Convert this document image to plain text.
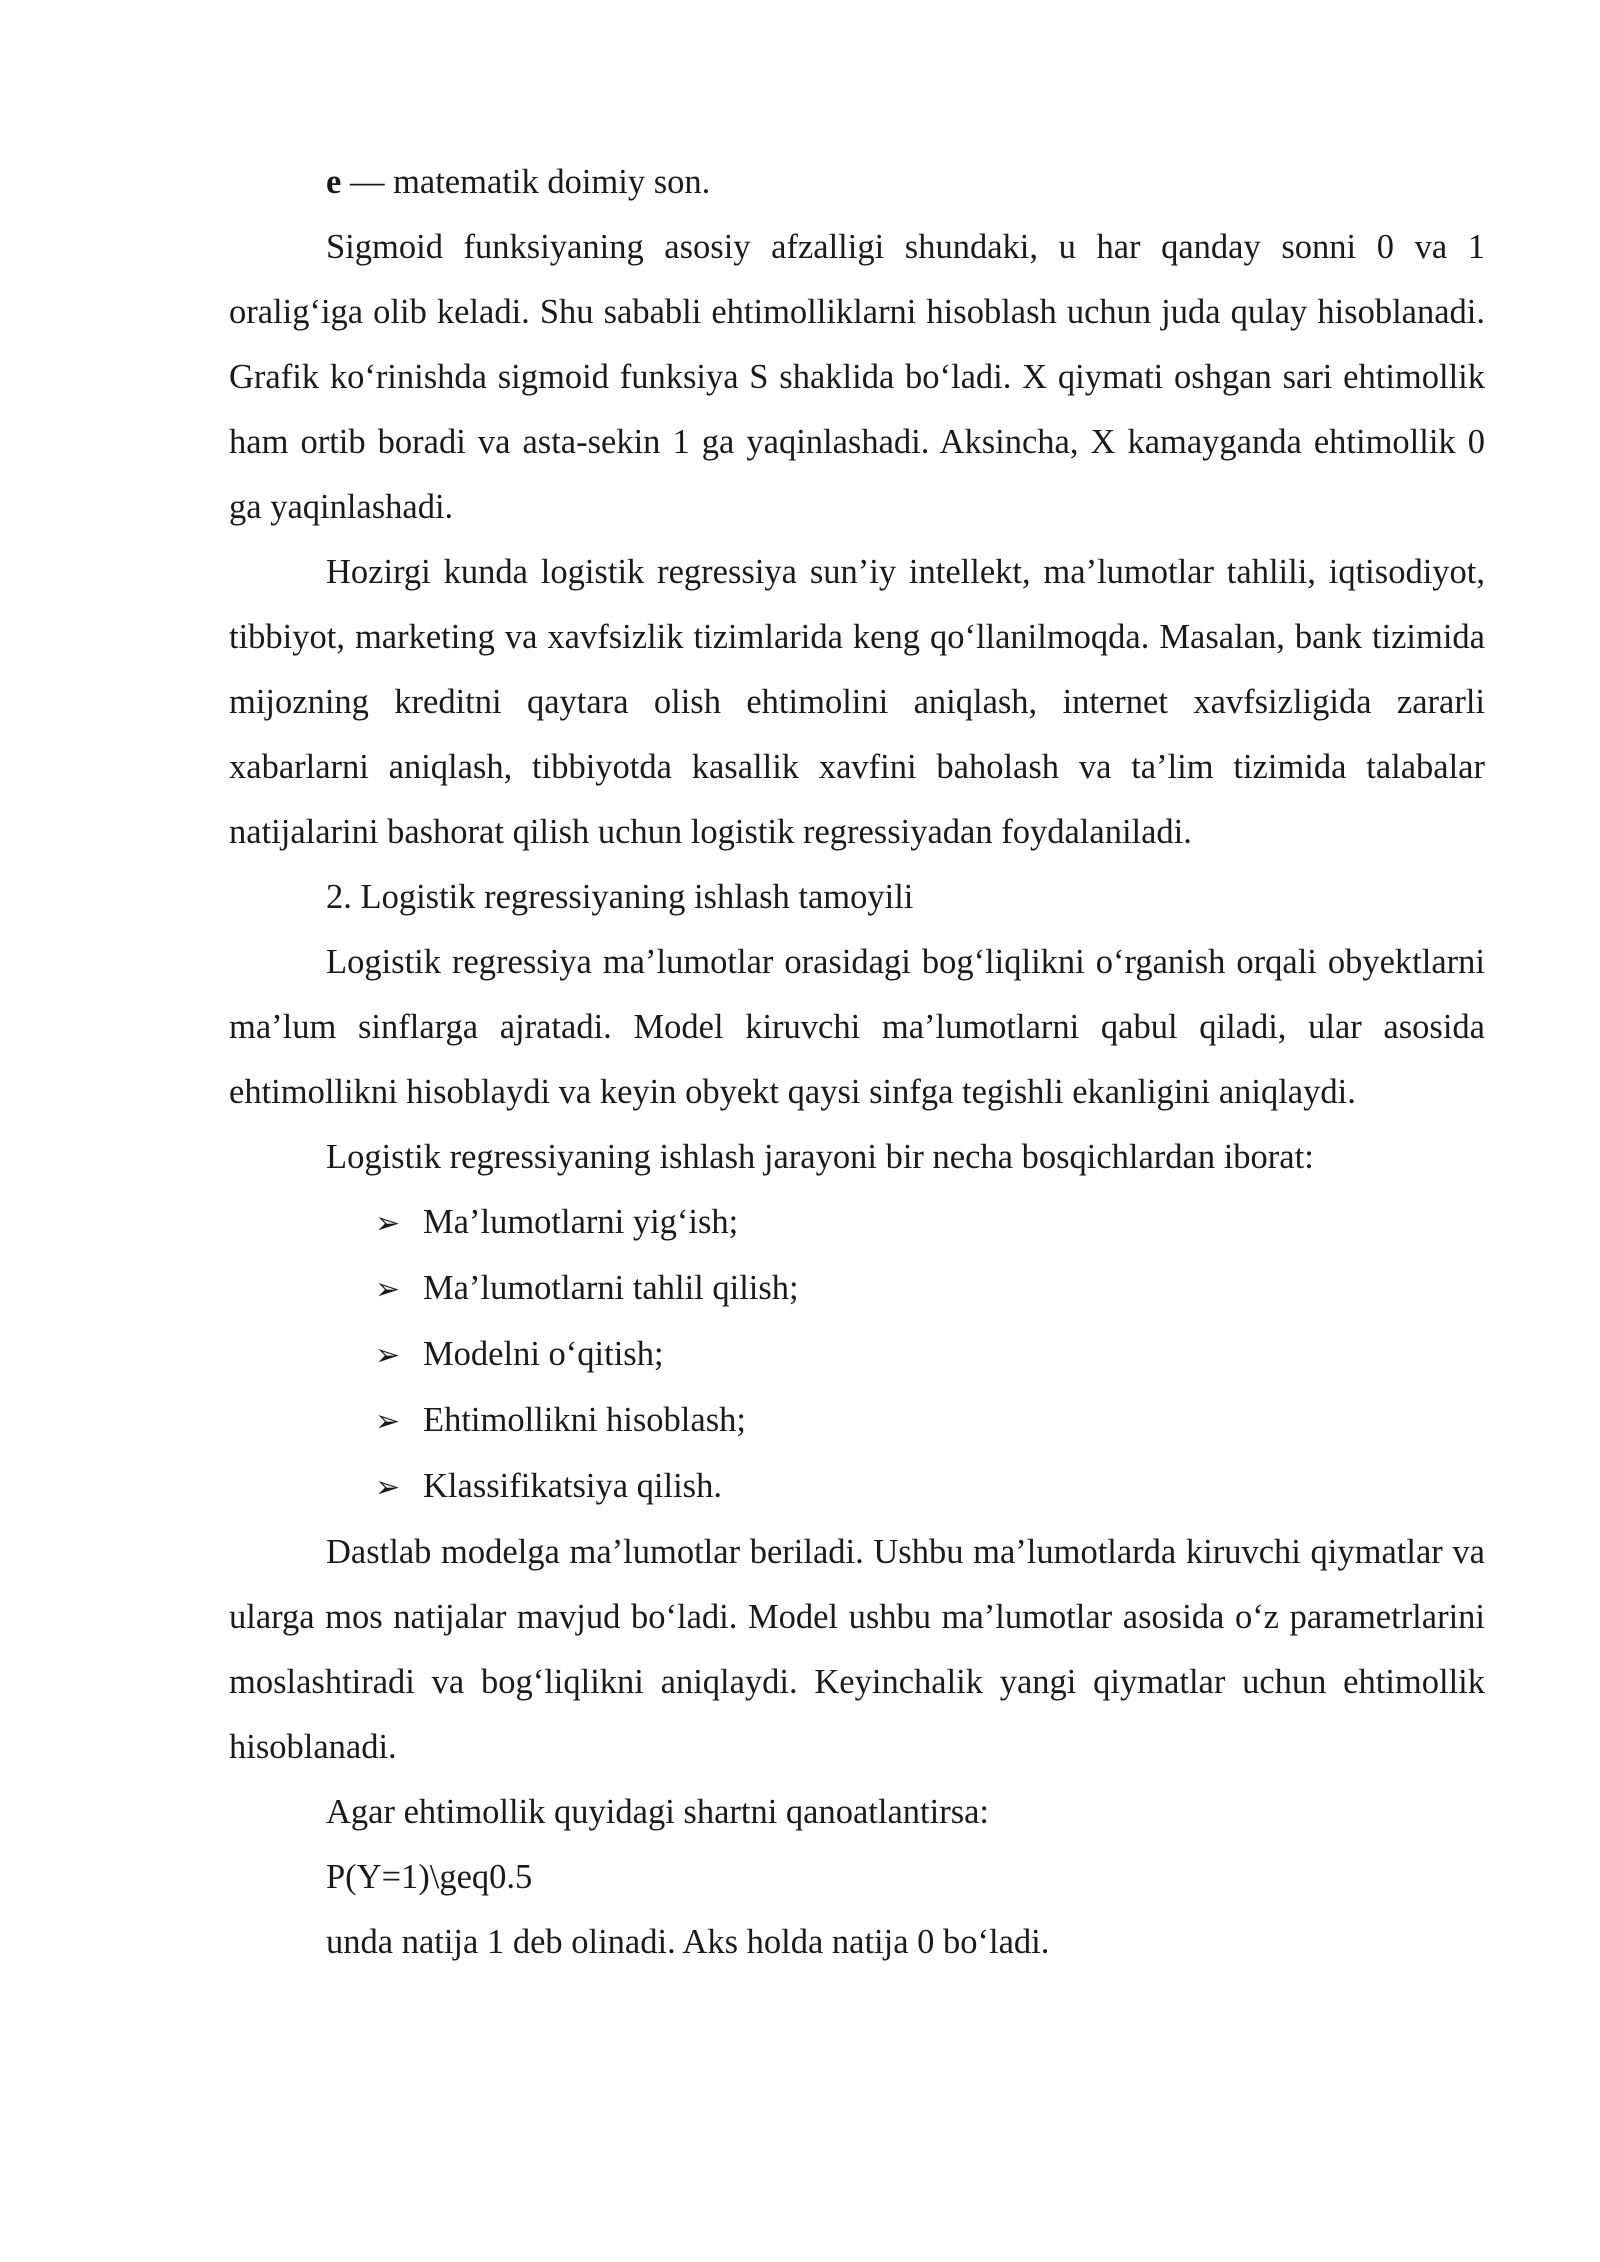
e — matematik doimiy son.

Sigmoid funksiyaning asosiy afzalligi shundaki, u har qanday sonni 0 va 1 oralig‘iga olib keladi. Shu sababli ehtimolliklarni hisoblash uchun juda qulay hisoblanadi. Grafik ko‘rinishda sigmoid funksiya S shaklida bo‘ladi. X qiymati oshgan sari ehtimollik ham ortib boradi va asta-sekin 1 ga yaqinlashadi. Aksincha, X kamayganda ehtimollik 0 ga yaqinlashadi.

Hozirgi kunda logistik regressiya sun’iy intellekt, ma’lumotlar tahlili, iqtisodiyot, tibbiyot, marketing va xavfsizlik tizimlarida keng qo‘llanilmoqda. Masalan, bank tizimida mijozning kreditni qaytara olish ehtimolini aniqlash, internet xavfsizligida zararli xabarlarni aniqlash, tibbiyotda kasallik xavfini baholash va ta’lim tizimida talabalar natijalarini bashorat qilish uchun logistik regressiyadan foydalaniladi.

2. Logistik regressiyaning ishlash tamoyili

Logistik regressiya ma’lumotlar orasidagi bog‘liqlikni o‘rganish orqali obyektlarni ma’lum sinflarga ajratadi. Model kiruvchi ma’lumotlarni qabul qiladi, ular asosida ehtimollikni hisoblaydi va keyin obyekt qaysi sinfga tegishli ekanligini aniqlaydi.

Logistik regressiyaning ishlash jarayoni bir necha bosqichlardan iborat:

➢ Ma’lumotlarni yig‘ish;
➢ Ma’lumotlarni tahlil qilish;
➢ Modelni o‘qitish;
➢ Ehtimollikni hisoblash;
➢ Klassifikatsiya qilish.

Dastlab modelga ma’lumotlar beriladi. Ushbu ma’lumotlarda kiruvchi qiymatlar va ularga mos natijalar mavjud bo‘ladi. Model ushbu ma’lumotlar asosida o‘z parametrlarini moslashtiradi va bog‘liqlikni aniqlaydi. Keyinchalik yangi qiymatlar uchun ehtimollik hisoblanadi.

Agar ehtimollik quyidagi shartni qanoatlantirsa:

P(Y=1)\geq0.5

unda natija 1 deb olinadi. Aks holda natija 0 bo‘ladi.
